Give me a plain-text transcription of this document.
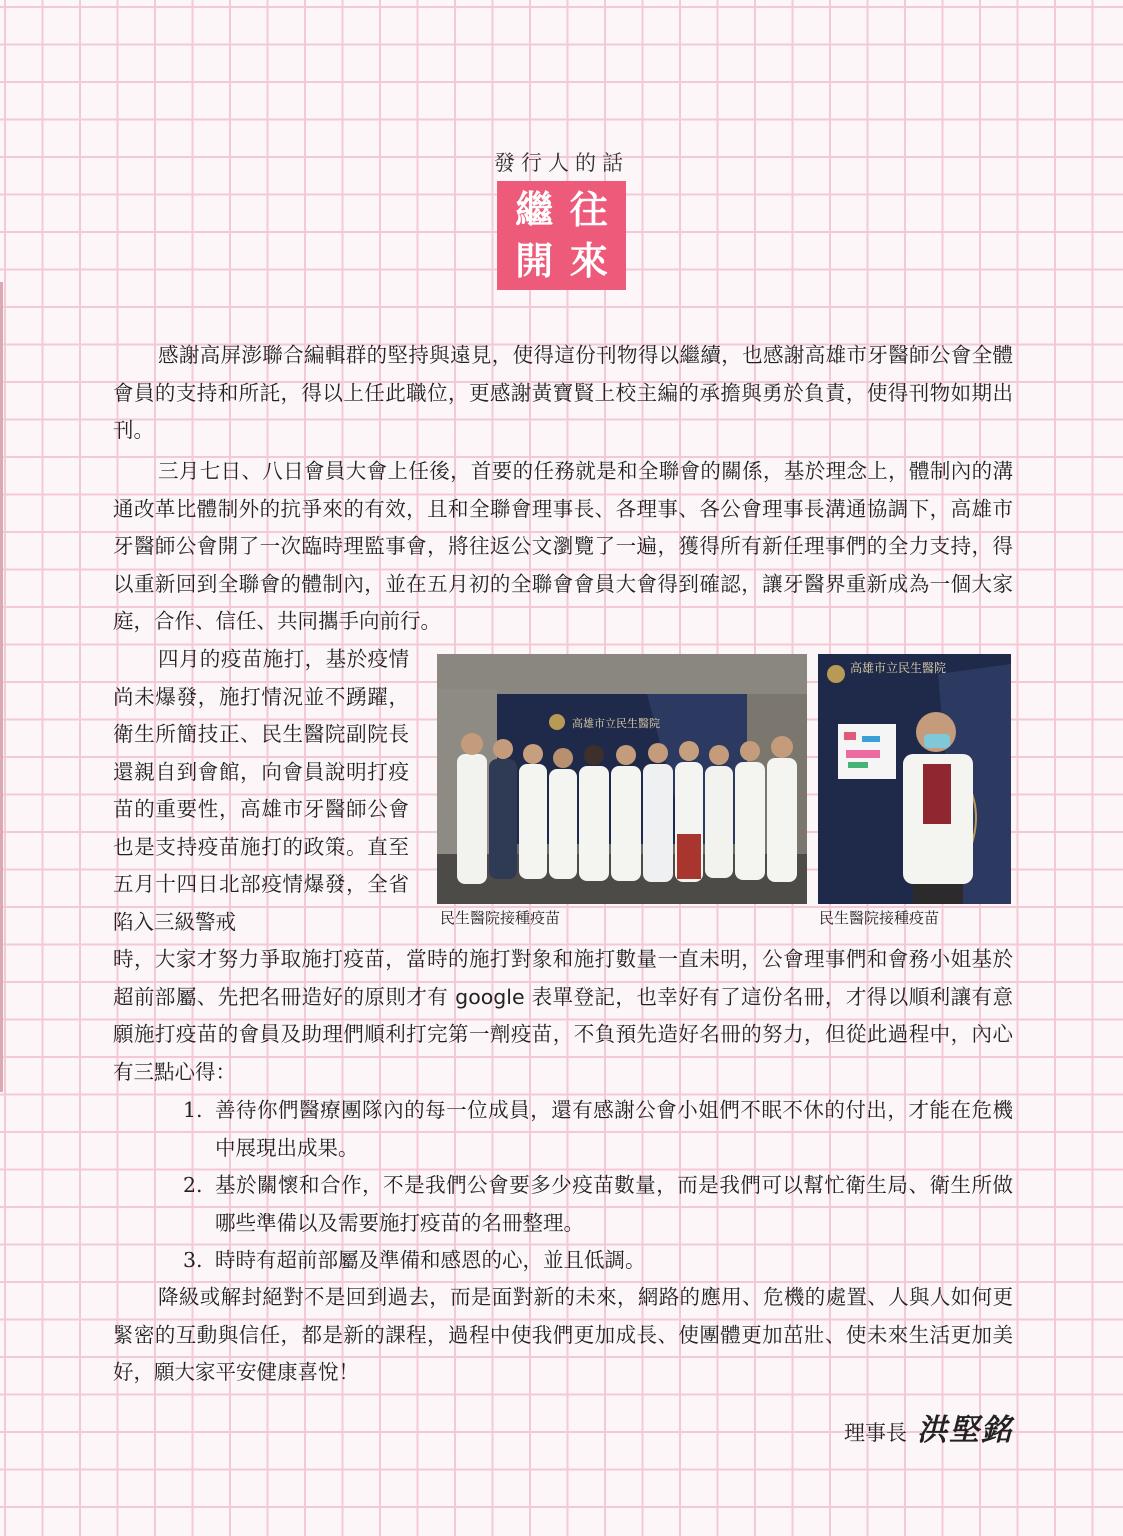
發行人的話
繼 往
開 來

感謝高屏澎聯合編輯群的堅持與遠見，使得這份刊物得以繼續，也感謝高雄市牙醫師公會全體會員的支持和所託，得以上任此職位，更感謝黃寶賢上校主編的承擔與勇於負責，使得刊物如期出刊。

三月七日、八日會員大會上任後，首要的任務就是和全聯會的關係，基於理念上，體制內的溝通改革比體制外的抗爭來的有效，且和全聯會理事長、各理事、各公會理事長溝通協調下，高雄市牙醫師公會開了一次臨時理監事會，將往返公文瀏覽了一遍，獲得所有新任理事們的全力支持，得以重新回到全聯會的體制內，並在五月初的全聯會會員大會得到確認，讓牙醫界重新成為一個大家庭，合作、信任、共同攜手向前行。

四月的疫苗施打，基於疫情尚未爆發，施打情況並不踴躍，衛生所簡技正、民生醫院副院長還親自到會館，向會員說明打疫苗的重要性，高雄市牙醫師公會也是支持疫苗施打的政策。直至五月十四日北部疫情爆發，全省陷入三級警戒

高雄市立民生醫院
民生醫院接種疫苗
高雄市立民生醫院
民生醫院接種疫苗

時，大家才努力爭取施打疫苗，當時的施打對象和施打數量一直未明，公會理事們和會務小姐基於超前部屬、先把名冊造好的原則才有 google 表單登記，也幸好有了這份名冊，才得以順利讓有意願施打疫苗的會員及助理們順利打完第一劑疫苗，不負預先造好名冊的努力，但從此過程中，內心有三點心得：

1. 善待你們醫療團隊內的每一位成員，還有感謝公會小姐們不眠不休的付出，才能在危機中展現出成果。
2. 基於關懷和合作，不是我們公會要多少疫苗數量，而是我們可以幫忙衛生局、衛生所做哪些準備以及需要施打疫苗的名冊整理。
3. 時時有超前部屬及準備和感恩的心，並且低調。

降級或解封絕對不是回到過去，而是面對新的未來，網路的應用、危機的處置、人與人如何更緊密的互動與信任，都是新的課程，過程中使我們更加成長、使團體更加茁壯、使未來生活更加美好，願大家平安健康喜悅！

理事長 洪堅銘
